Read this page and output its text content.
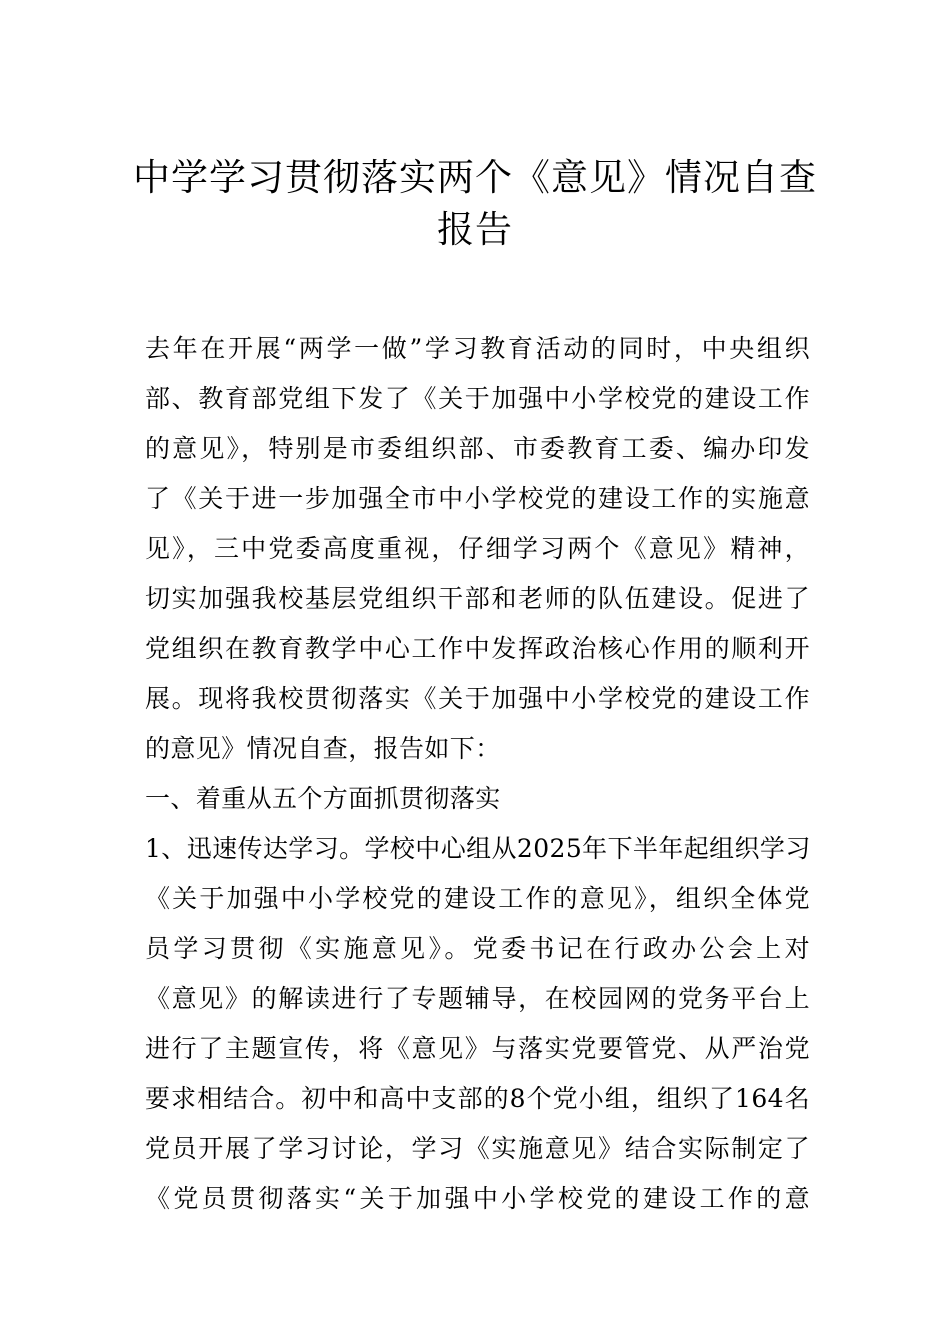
中学学习贯彻落实两个《意见》情况自查
报告

去年在开展“两学一做”学习教育活动的同时，中央组织
部、教育部党组下发了《关于加强中小学校党的建设工作
的意见》，特别是市委组织部、市委教育工委、编办印发
了《关于进一步加强全市中小学校党的建设工作的实施意
见》，三中党委高度重视，仔细学习两个《意见》精神，
切实加强我校基层党组织干部和老师的队伍建设。促进了
党组织在教育教学中心工作中发挥政治核心作用的顺利开
展。现将我校贯彻落实《关于加强中小学校党的建设工作
的意见》情况自查，报告如下：

一、着重从五个方面抓贯彻落实

1、迅速传达学习。学校中心组从2025年下半年起组织学习
《关于加强中小学校党的建设工作的意见》，组织全体党
员学习贯彻《实施意见》。党委书记在行政办公会上对
《意见》的解读进行了专题辅导，在校园网的党务平台上
进行了主题宣传，将《意见》与落实党要管党、从严治党
要求相结合。初中和高中支部的8个党小组，组织了164名
党员开展了学习讨论，学习《实施意见》结合实际制定了
《党员贯彻落实“关于加强中小学校党的建设工作的意
